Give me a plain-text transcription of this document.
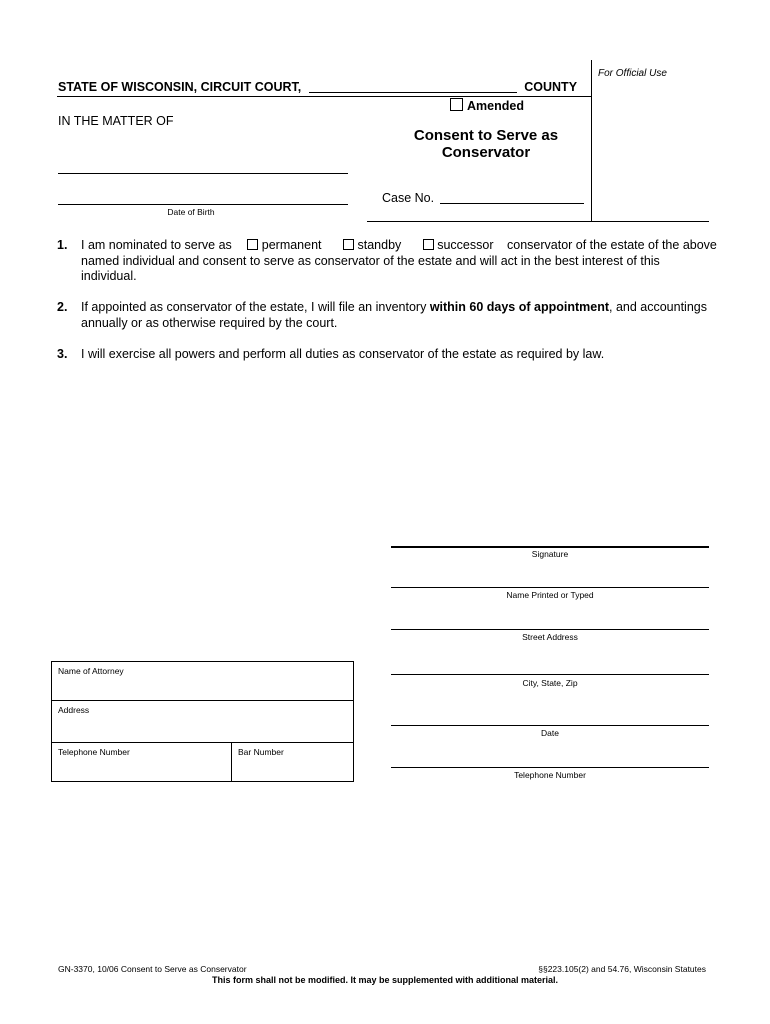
For Official Use
STATE OF WISCONSIN, CIRCUIT COURT,	COUNTY
Amended
IN THE MATTER OF
Consent to Serve as
Conservator
Date of Birth
Case No.
1. I am nominated to serve as permanent	standby	successor conservator of the estate of the above named individual and consent to serve as conservator of the estate and will act in the best interest of this individual.
2. If appointed as conservator of the estate, I will file an inventory within 60 days of appointment, and accountings annually or as otherwise required by the court.
3. I will exercise all powers and perform all duties as conservator of the estate as required by law.
Signature
Name Printed or Typed
Street Address
City, State, Zip
Date
Telephone Number
Name of Attorney
Address
Telephone Number	Bar Number
GN-3370, 10/06 Consent to Serve as Conservator	§§223.105(2) and 54.76, Wisconsin Statutes
This form shall not be modified. It may be supplemented with additional material.
